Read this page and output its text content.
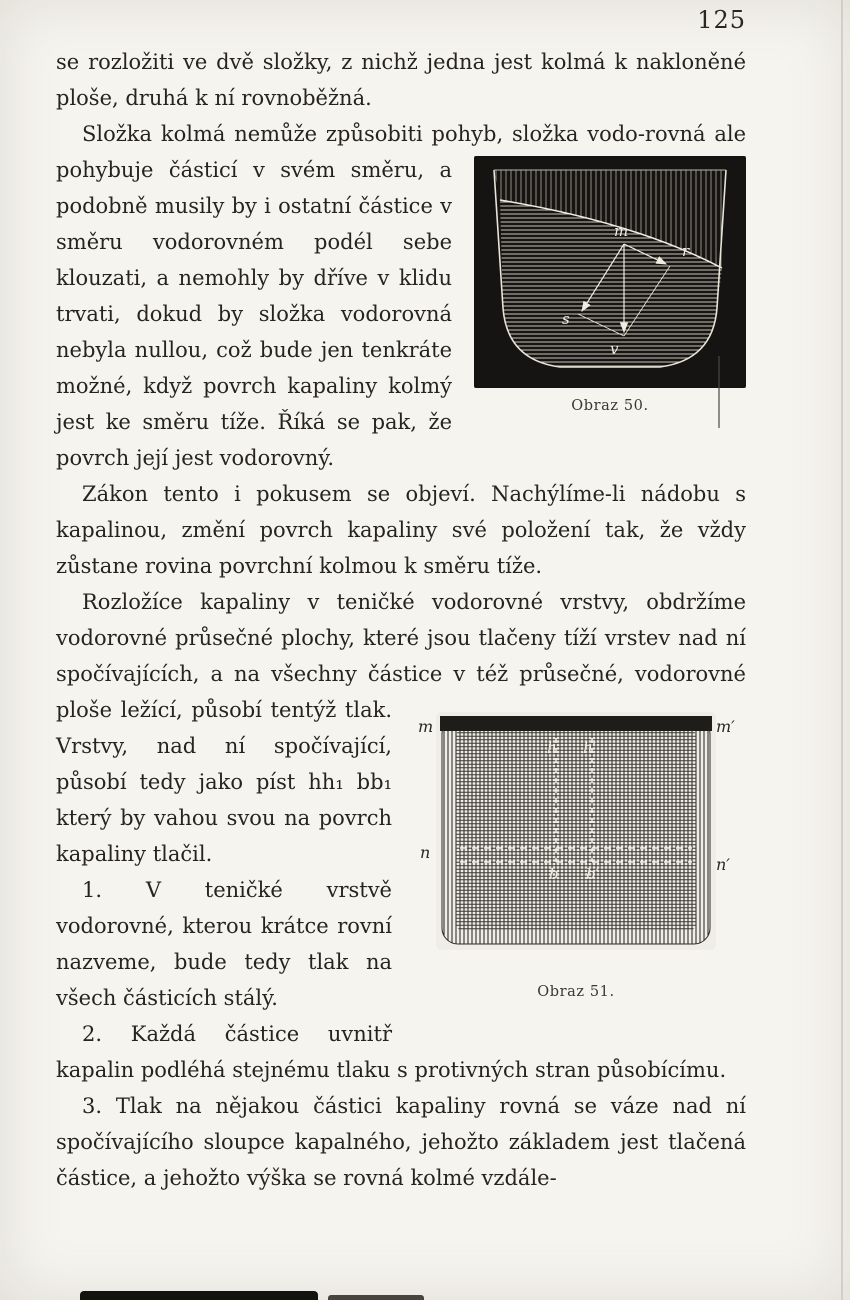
125

se rozložiti ve dvě složky, z nichž jedna jest kolmá k nakloněné ploše, druhá k ní rovnoběžná.

Složka kolmá nemůže způsobiti pohyb, složka vodo-
m
r
s
v
Obraz 50.
rovná ale pohybuje částicí v svém směru, a podobně musily by i ostatní částice v směru vodorovném podél sebe klouzati, a nemohly by dříve v klidu trvati, dokud by složka vodorovná nebyla nullou, což bude jen tenkráte možné, když povrch kapaliny kolmý jest ke směru tíže. Říká se pak, že povrch její jest vodorovný.

Zákon tento i pokusem se objeví. Nachýlíme-li nádobu s kapalinou, změní povrch kapaliny své položení tak, že vždy zůstane rovina povrchní kolmou k směru tíže.

Rozložíce kapaliny v teničké vodorovné vrstvy, obdržíme vodorovné průsečné plochy, které jsou tlačeny tíží vrstev nad ní spočívajících, a na všechny částice v též
m	m′
n
n′
h h′
b b′
Obraz 51.
průsečné, vodorovné ploše ležící, působí tentýž tlak. Vrstvy, nad ní spočívající, působí tedy jako píst hh₁ bb₁ který by vahou svou na povrch kapaliny tlačil.

1. V teničké vrstvě vodorovné, kterou krátce rovní nazveme, bude tedy tlak na všech částicích stálý.

2. Každá částice uvnitř kapalin podléhá stejnému tlaku s protivných stran působícímu.

3. Tlak na nějakou částici kapaliny rovná se váze nad ní spočívajícího sloupce kapalného, jehožto základem jest tlačená částice, a jehožto výška se rovná kolmé vzdále-
